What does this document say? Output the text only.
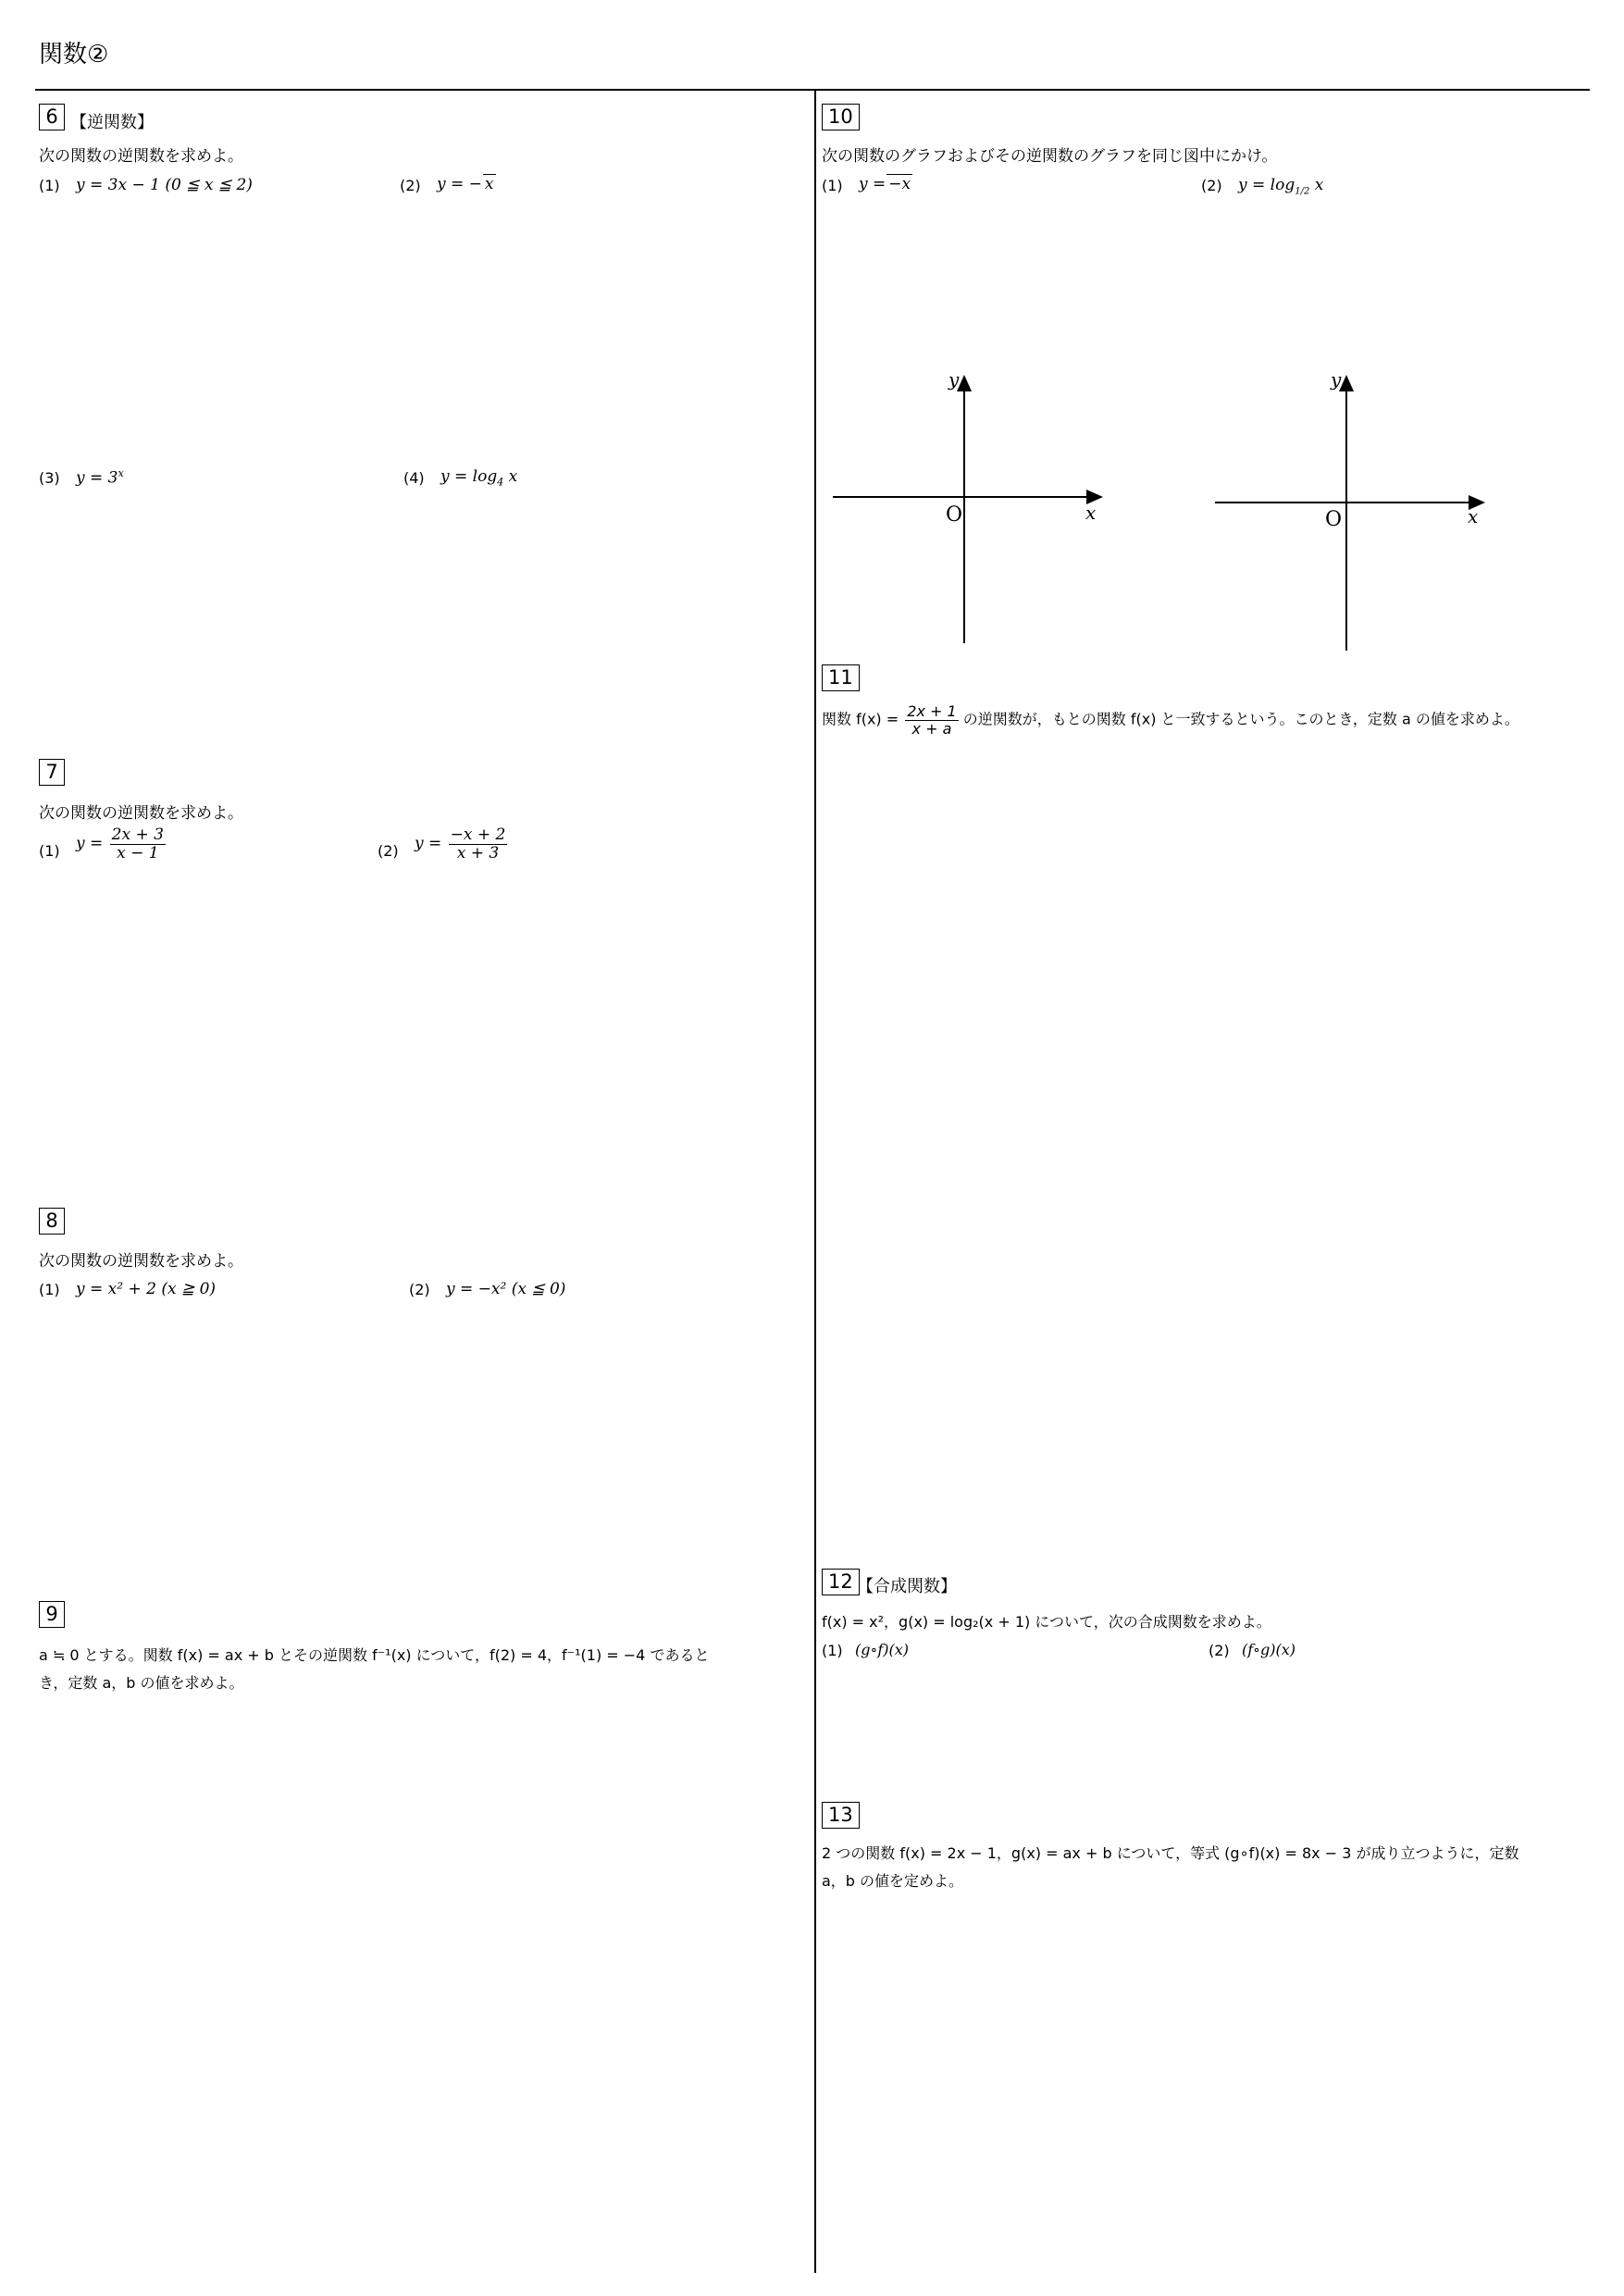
関数②
6 【逆関数】
次の関数の逆関数を求めよ。
(1) y = 3x − 1 (0 ≦ x ≦ 2)	(2) y = − x
(3) $y = 3^x$	(4) $y = \log_4 x$
7
次の関数の逆関数を求めよ。
(1) $y = \frac{2x + 3}{x - 1}$	(2) $y = \frac{-x + 2}{x + 3}$
8
次の関数の逆関数を求めよ。
(1) y = x² + 2 (x ≧ 0)	(2) y = −x² (x ≦ 0)
9
a ≒ 0 とする。関数 f(x) = ax + b とその逆関数 f⁻¹(x) について，f(2) = 4，f⁻¹(1) = −4 であると
き，定数 a，b の値を求めよ。
10
次の関数のグラフおよびその逆関数のグラフを同じ図中にかけ。
(1) y = −x	(2) $y = \log_{1/2} x$
y
x
O
y
x
O
11
関数 $f(x) = \frac{2x + 1}{x + a}$ の逆関数が，もとの関数 f(x) と一致するという。このとき，定数 a の値を求めよ。
12 【合成関数】
f(x) = x²，g(x) = log₂(x + 1) について，次の合成関数を求めよ。
(1) (g∘f)(x)	(2) (f∘g)(x)
13
2 つの関数 f(x) = 2x − 1，g(x) = ax + b について，等式 (g∘f)(x) = 8x − 3 が成り立つように，定数
a，b の値を定めよ。
